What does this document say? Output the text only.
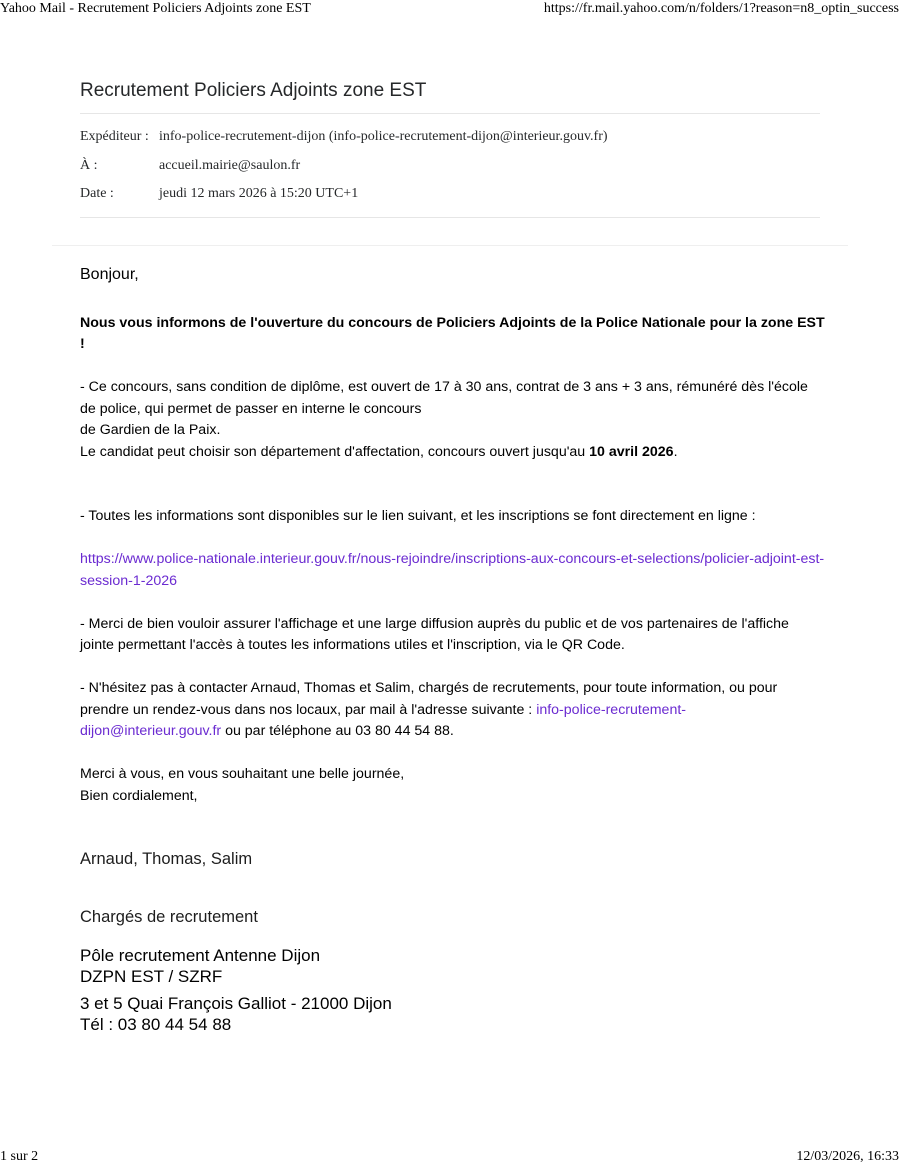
Yahoo Mail - Recrutement Policiers Adjoints zone EST	https://fr.mail.yahoo.com/n/folders/1?reason=n8_optin_success
Recrutement Policiers Adjoints zone EST
Expéditeur : info-police-recrutement-dijon (info-police-recrutement-dijon@interieur.gouv.fr)
À :	accueil.mairie@saulon.fr
Date :	jeudi 12 mars 2026 à 15:20 UTC+1

Bonjour,

Nous vous informons de l'ouverture du concours de Policiers Adjoints de la Police Nationale pour la zone EST !

- Ce concours, sans condition de diplôme, est ouvert de 17 à 30 ans, contrat de 3 ans + 3 ans, rémunéré dès l'école de police, qui permet de passer en interne le concours
de Gardien de la Paix.
Le candidat peut choisir son département d'affectation, concours ouvert jusqu'au 10 avril 2026.

- Toutes les informations sont disponibles sur le lien suivant, et les inscriptions se font directement en ligne :

https://www.police-nationale.interieur.gouv.fr/nous-rejoindre/inscriptions-aux-concours-et-selections/policier-adjoint-est-session-1-2026

- Merci de bien vouloir assurer l'affichage et une large diffusion auprès du public et de vos partenaires de l'affiche jointe permettant l'accès à toutes les informations utiles et l'inscription, via le QR Code.

- N'hésitez pas à contacter Arnaud, Thomas et Salim, chargés de recrutements, pour toute information, ou pour prendre un rendez-vous dans nos locaux, par mail à l'adresse suivante : info-police-recrutement-dijon@interieur.gouv.fr ou par téléphone au 03 80 44 54 88.

Merci à vous, en vous souhaitant une belle journée,
Bien cordialement,

Arnaud, Thomas, Salim
Chargés de recrutement
Pôle recrutement Antenne Dijon
DZPN EST / SZRF
3 et 5 Quai François Galliot - 21000 Dijon
Tél : 03 80 44 54 88
1 sur 2	12/03/2026, 16:33
